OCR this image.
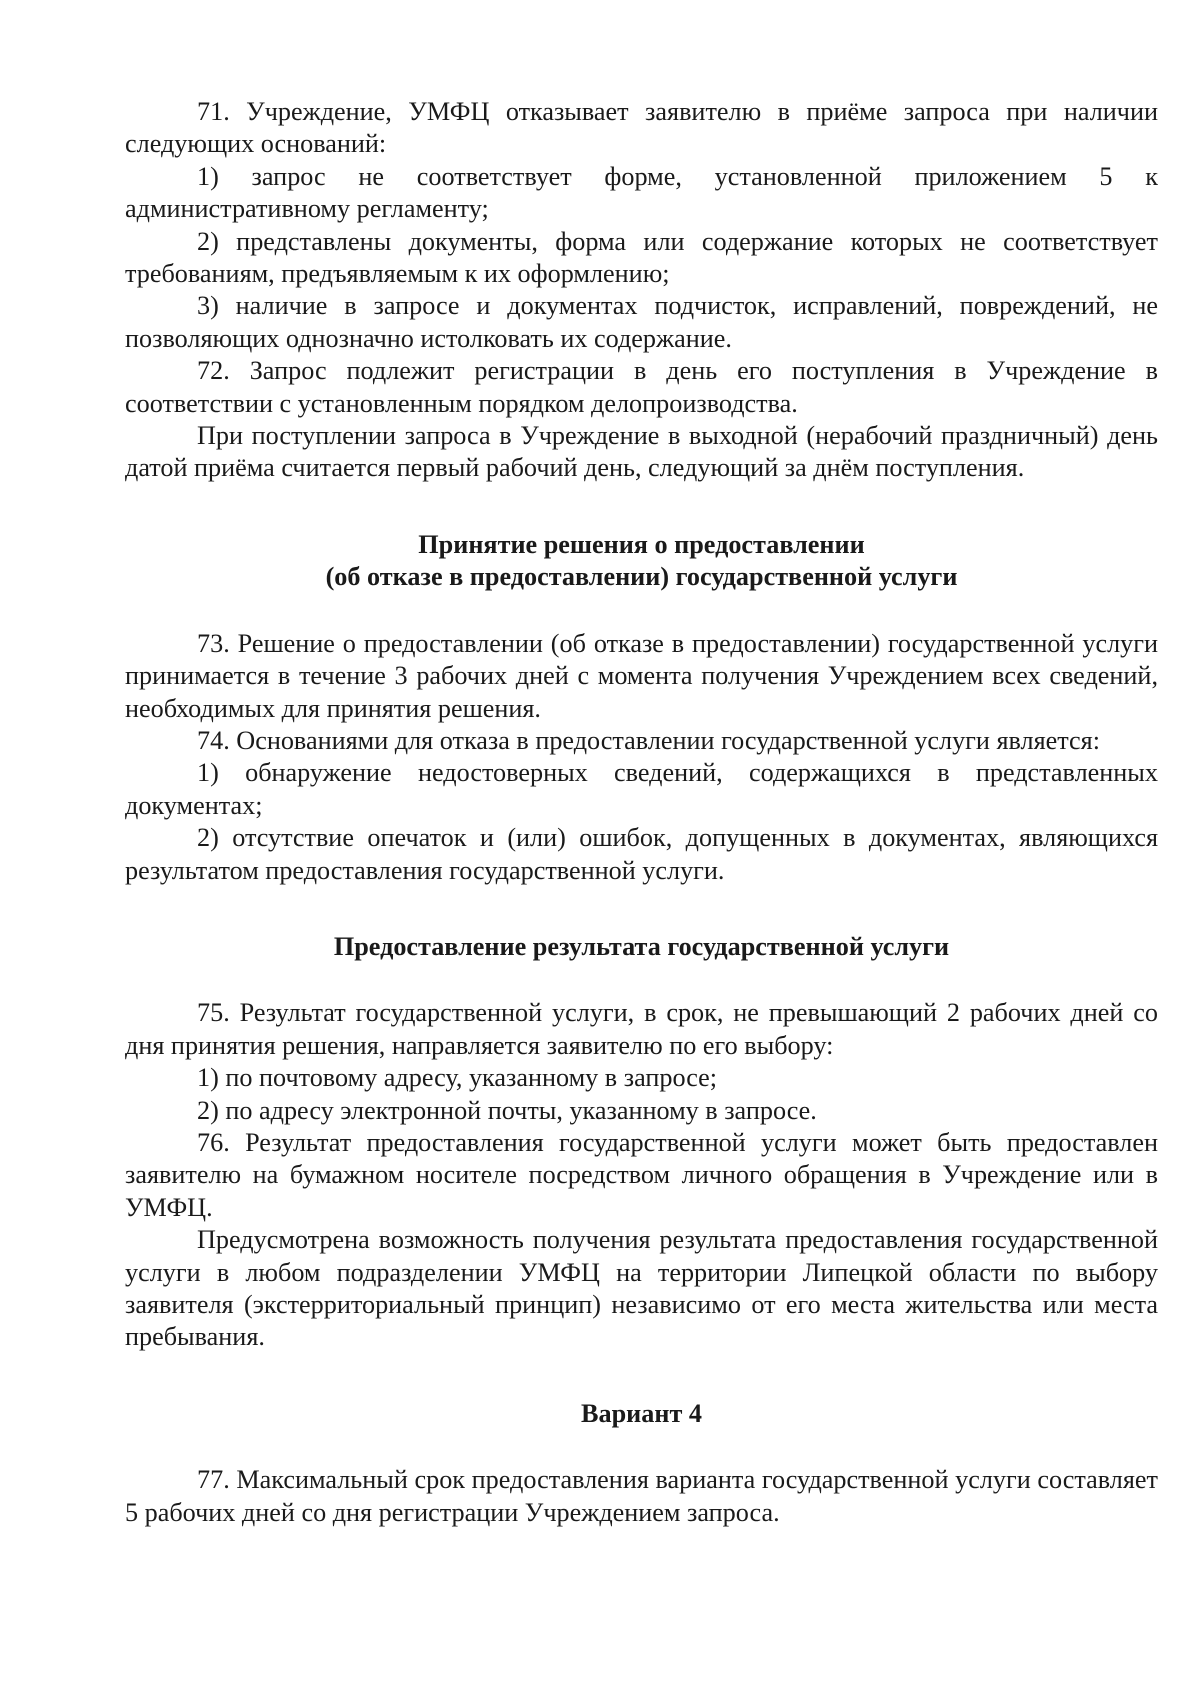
71. Учреждение, УМФЦ отказывает заявителю в приёме запроса при наличии следующих оснований:

1) запрос не соответствует форме, установленной приложением 5 к административному регламенту;

2) представлены документы, форма или содержание которых не соответствует требованиям, предъявляемым к их оформлению;

3) наличие в запросе и документах подчисток, исправлений, повреждений, не позволяющих однозначно истолковать их содержание.

72. Запрос подлежит регистрации в день его поступления в Учреждение в соответствии с установленным порядком делопроизводства.

При поступлении запроса в Учреждение в выходной (нерабочий праздничный) день датой приёма считается первый рабочий день, следующий за днём поступления.

Принятие решения о предоставлении

(об отказе в предоставлении) государственной услуги

73. Решение о предоставлении (об отказе в предоставлении) государственной услуги принимается в течение 3 рабочих дней с момента получения Учреждением всех сведений, необходимых для принятия решения.

74. Основаниями для отказа в предоставлении государственной услуги является:

1) обнаружение недостоверных сведений, содержащихся в представленных документах;

2) отсутствие опечаток и (или) ошибок, допущенных в документах, являющихся результатом предоставления государственной услуги.

Предоставление результата государственной услуги

75. Результат государственной услуги, в срок, не превышающий 2 рабочих дней со дня принятия решения, направляется заявителю по его выбору:

1) по почтовому адресу, указанному в запросе;

2) по адресу электронной почты, указанному в запросе.

76. Результат предоставления государственной услуги может быть предоставлен заявителю на бумажном носителе посредством личного обращения в Учреждение или в УМФЦ.

Предусмотрена возможность получения результата предоставления государственной услуги в любом подразделении УМФЦ на территории Липецкой области по выбору заявителя (экстерриториальный принцип) независимо от его места жительства или места пребывания.

Вариант 4

77. Максимальный срок предоставления варианта государственной услуги составляет 5 рабочих дней со дня регистрации Учреждением запроса.
